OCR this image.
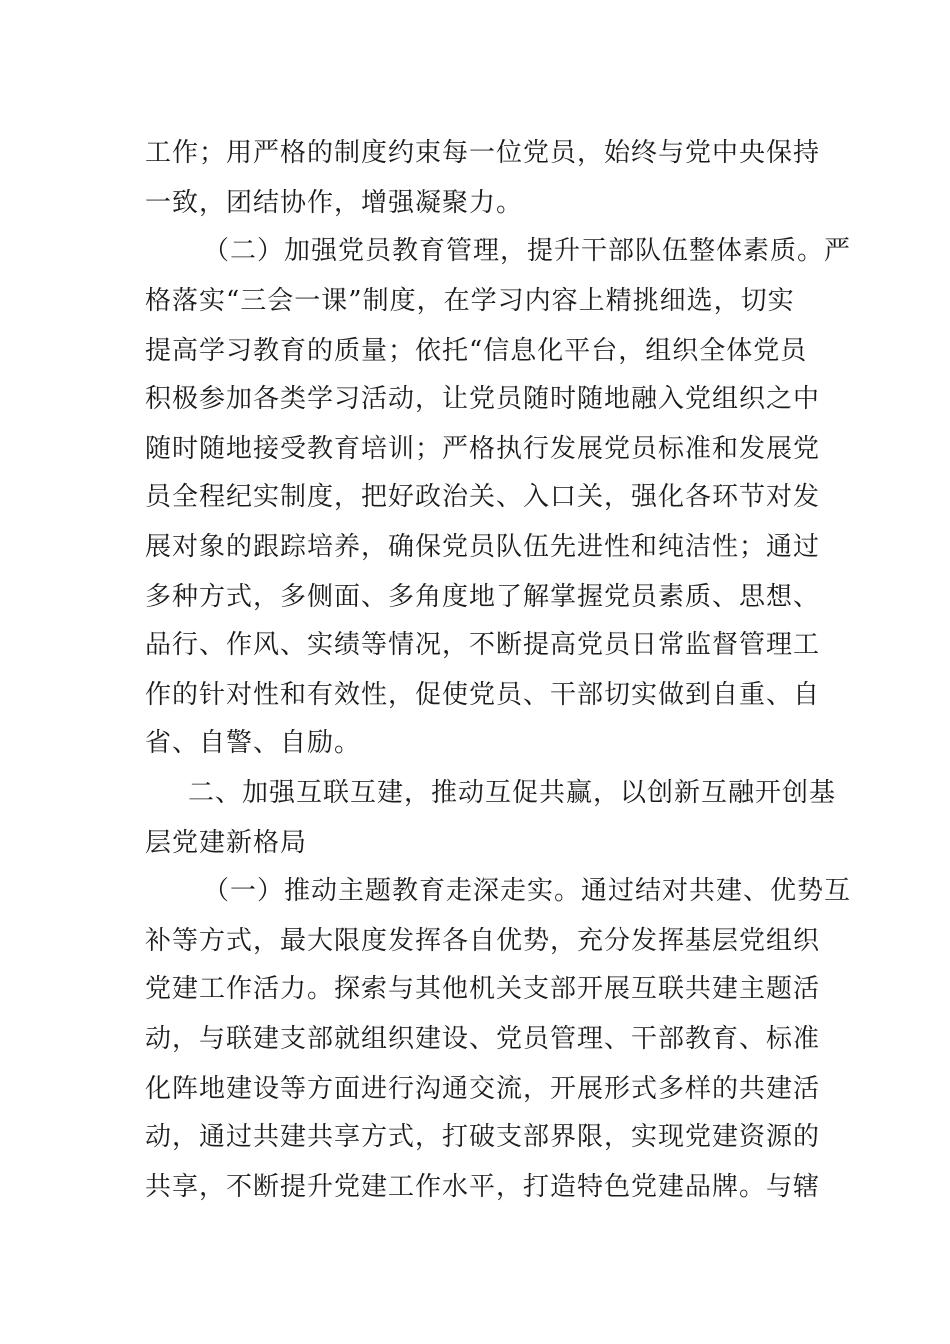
工作；用严格的制度约束每一位党员，始终与党中央保持
一致，团结协作，增强凝聚力。
（二）加强党员教育管理，提升干部队伍整体素质。严
格落实“三会一课”制度，在学习内容上精挑细选，切实
提高学习教育的质量；依托“信息化平台，组织全体党员
积极参加各类学习活动，让党员随时随地融入党组织之中
随时随地接受教育培训；严格执行发展党员标准和发展党
员全程纪实制度，把好政治关、入口关，强化各环节对发
展对象的跟踪培养，确保党员队伍先进性和纯洁性；通过
多种方式，多侧面、多角度地了解掌握党员素质、思想、
品行、作风、实绩等情况，不断提高党员日常监督管理工
作的针对性和有效性，促使党员、干部切实做到自重、自
省、自警、自励。
二、加强互联互建，推动互促共赢，以创新互融开创基
层党建新格局
（一）推动主题教育走深走实。通过结对共建、优势互
补等方式，最大限度发挥各自优势，充分发挥基层党组织
党建工作活力。探索与其他机关支部开展互联共建主题活
动，与联建支部就组织建设、党员管理、干部教育、标准
化阵地建设等方面进行沟通交流，开展形式多样的共建活
动，通过共建共享方式，打破支部界限，实现党建资源的
共享，不断提升党建工作水平，打造特色党建品牌。与辖
